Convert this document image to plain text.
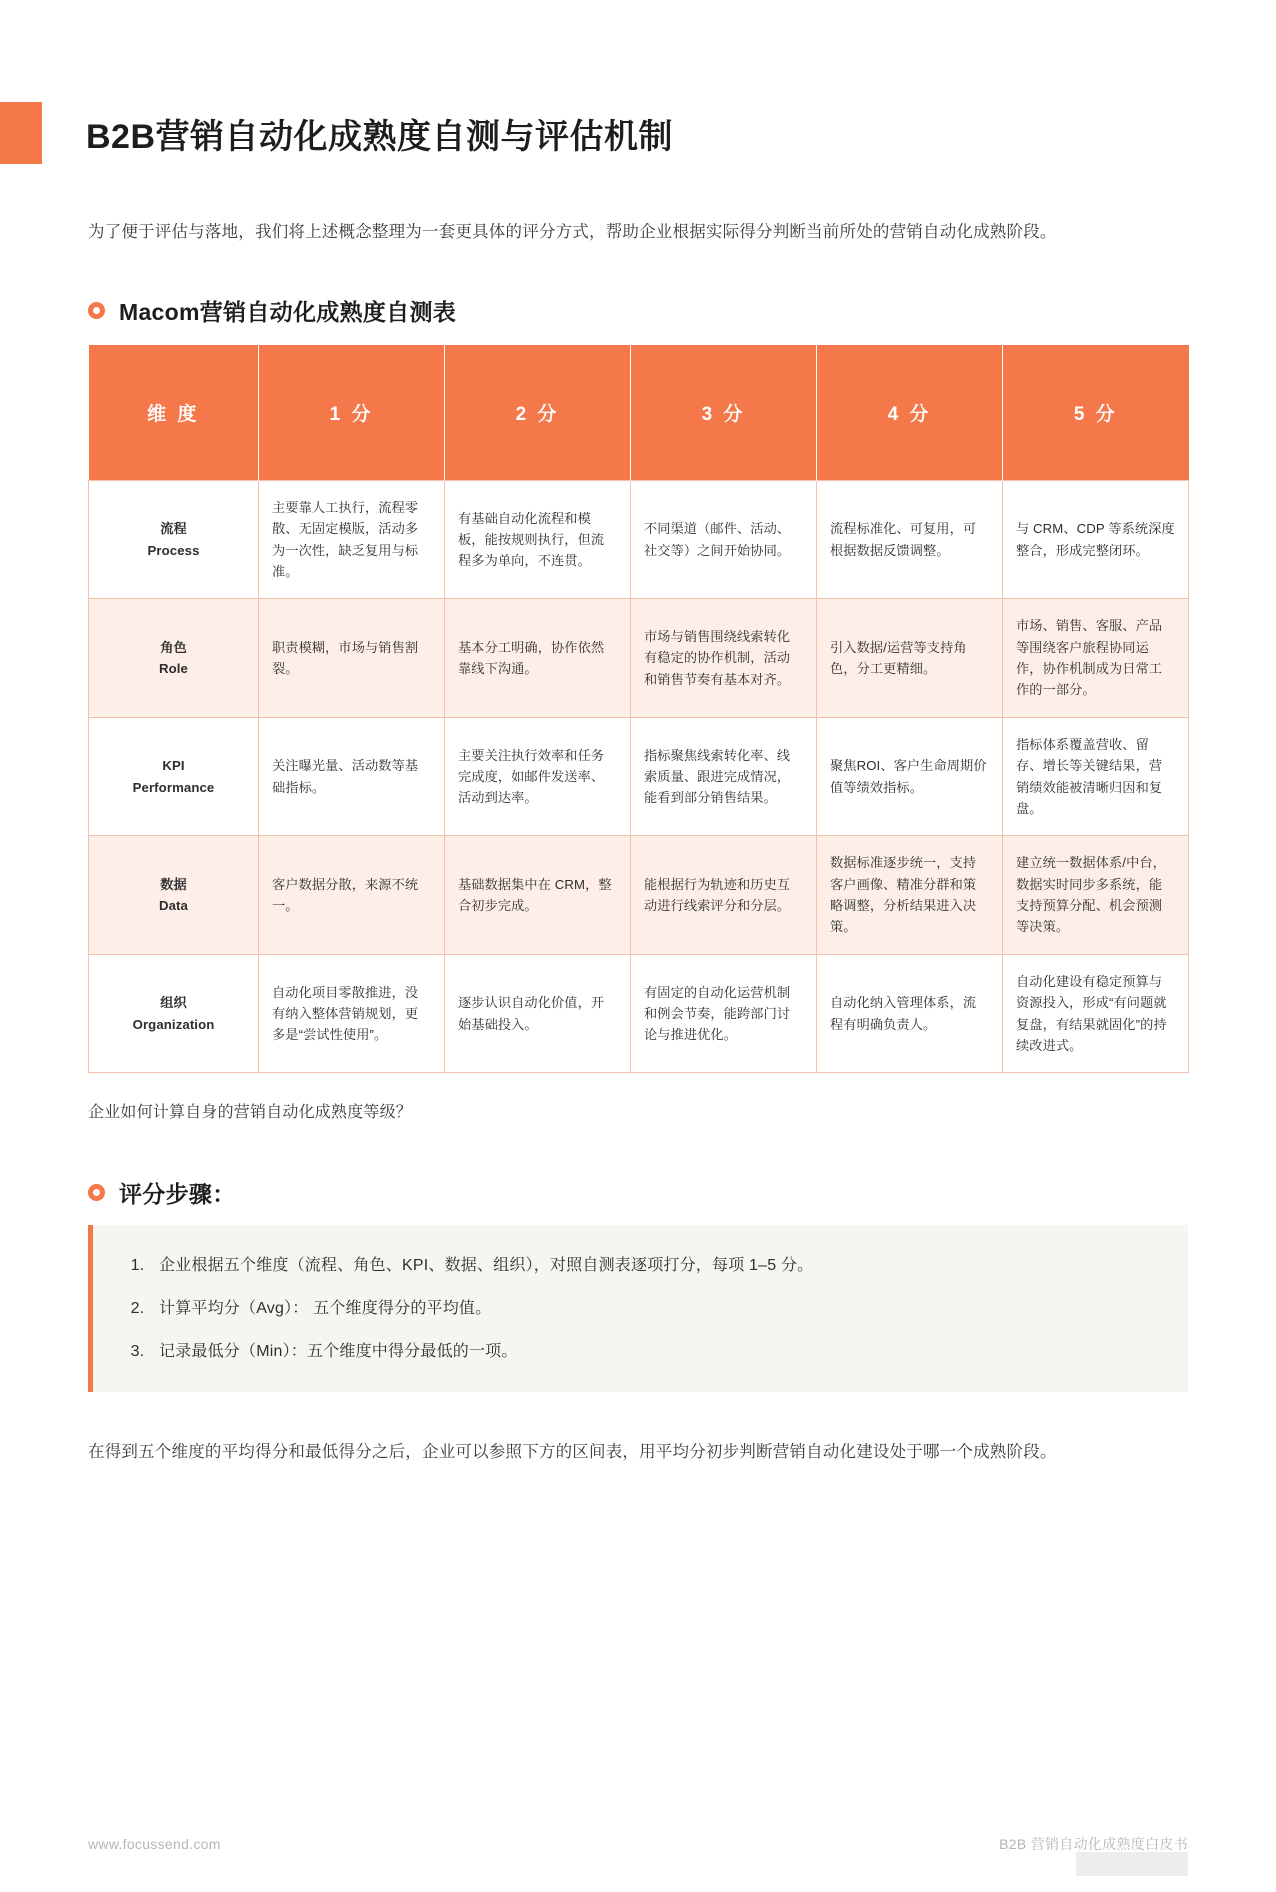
B2B营销自动化成熟度自测与评估机制

为了便于评估与落地，我们将上述概念整理为一套更具体的评分方式，帮助企业根据实际得分判断当前所处的营销自动化成熟阶段。

Macom营销自动化成熟度自测表
维 度	1 分	2 分	3 分	4 分	5 分
流程
Process	主要靠人工执行，流程零散、无固定模版，活动多为一次性，缺乏复用与标准。	有基础自动化流程和模板，能按规则执行，但流程多为单向，不连贯。	不同渠道（邮件、活动、社交等）之间开始协同。	流程标准化、可复用，可根据数据反馈调整。	与 CRM、CDP 等系统深度整合，形成完整闭环。
角色
Role	职责模糊，市场与销售割裂。	基本分工明确，协作依然靠线下沟通。	市场与销售围绕线索转化有稳定的协作机制，活动和销售节奏有基本对齐。	引入数据/运营等支持角色，分工更精细。	市场、销售、客服、产品等围绕客户旅程协同运作，协作机制成为日常工作的一部分。
KPI
Performance	关注曝光量、活动数等基础指标。	主要关注执行效率和任务完成度，如邮件发送率、活动到达率。	指标聚焦线索转化率、线索质量、跟进完成情况，能看到部分销售结果。	聚焦ROI、客户生命周期价值等绩效指标。	指标体系覆盖营收、留存、增长等关键结果，营销绩效能被清晰归因和复盘。
数据
Data	客户数据分散，来源不统一。	基础数据集中在 CRM，整合初步完成。	能根据行为轨迹和历史互动进行线索评分和分层。	数据标准逐步统一，支持客户画像、精准分群和策略调整，分析结果进入决策。	建立统一数据体系/中台，数据实时同步多系统，能支持预算分配、机会预测等决策。
组织
Organization	自动化项目零散推进，没有纳入整体营销规划，更多是“尝试性使用”。	逐步认识自动化价值，开始基础投入。	有固定的自动化运营机制和例会节奏，能跨部门讨论与推进优化。	自动化纳入管理体系，流程有明确负责人。	自动化建设有稳定预算与资源投入，形成“有问题就复盘，有结果就固化”的持续改进式。

企业如何计算自身的营销自动化成熟度等级？

评分步骤：
1. 企业根据五个维度（流程、角色、KPI、数据、组织），对照自测表逐项打分，每项 1–5 分。
2. 计算平均分（Avg）： 五个维度得分的平均值。
3. 记录最低分（Min）：五个维度中得分最低的一项。

在得到五个维度的平均得分和最低得分之后，企业可以参照下方的区间表，用平均分初步判断营销自动化建设处于哪一个成熟阶段。

www.focussend.com	B2B 营销自动化成熟度白皮书
